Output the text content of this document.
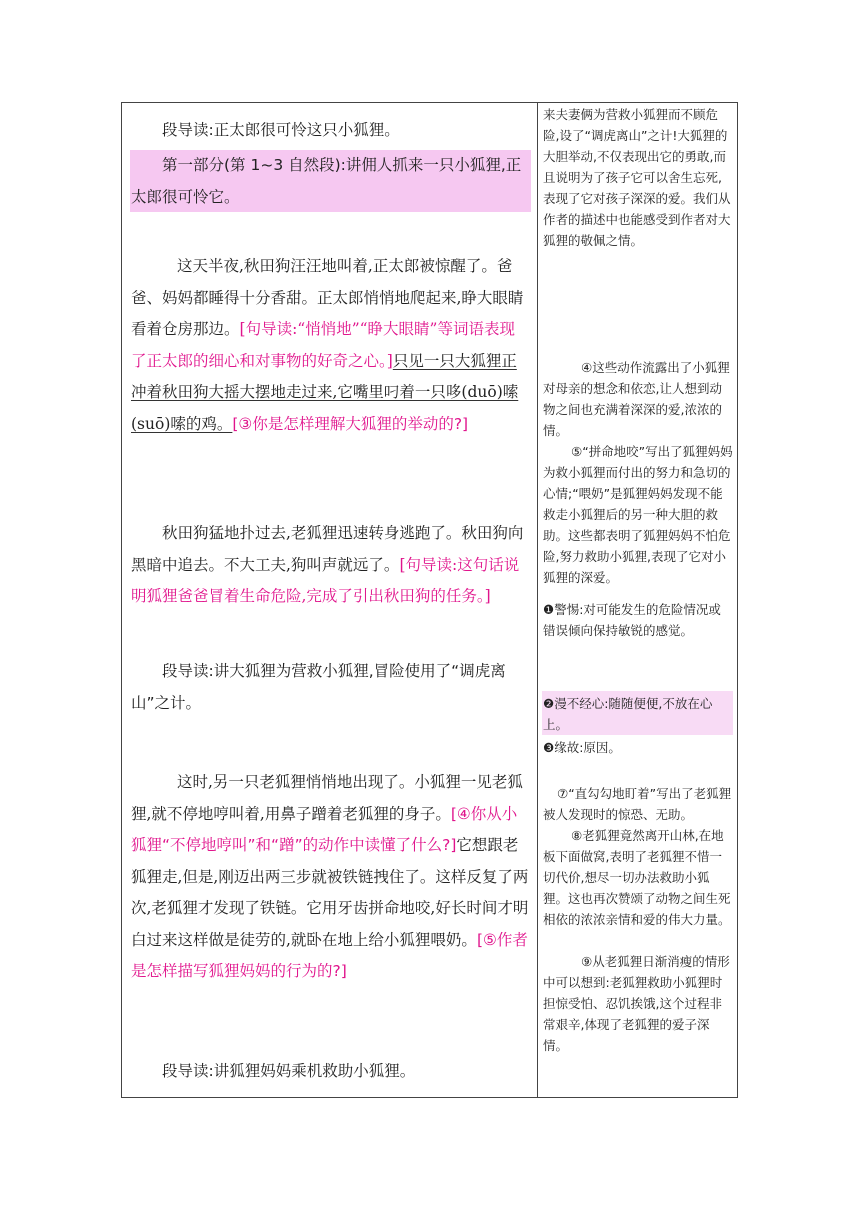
段导读:正太郎很可怜这只小狐狸。

第一部分(第 1~3 自然段):讲佣人抓来一只小狐狸,正太郎很可怜它。

这天半夜,秋田狗汪汪地叫着,正太郎被惊醒了。爸爸、妈妈都睡得十分香甜。正太郎悄悄地爬起来,睁大眼睛看着仓房那边。[句导读:“悄悄地”“睁大眼睛”等词语表现了正太郎的细心和对事物的好奇之心。]只见一只大狐狸正冲着秋田狗大摇大摆地走过来,它嘴里叼着一只哆(duō)嗦(suō)嗦的鸡。[③你是怎样理解大狐狸的举动的?]

秋田狗猛地扑过去,老狐狸迅速转身逃跑了。秋田狗向黑暗中追去。不大工夫,狗叫声就远了。[句导读:这句话说明狐狸爸爸冒着生命危险,完成了引出秋田狗的任务。]

段导读:讲大狐狸为营救小狐狸,冒险使用了“调虎离山”之计。

这时,另一只老狐狸悄悄地出现了。小狐狸一见老狐狸,就不停地哼叫着,用鼻子蹭着老狐狸的身子。[④你从小狐狸“不停地哼叫”和“蹭”的动作中读懂了什么?]它想跟老狐狸走,但是,刚迈出两三步就被铁链拽住了。这样反复了两次,老狐狸才发现了铁链。它用牙齿拼命地咬,好长时间才明白过来这样做是徒劳的,就卧在地上给小狐狸喂奶。[⑤作者是怎样描写狐狸妈妈的行为的?]

段导读:讲狐狸妈妈乘机救助小狐狸。

来夫妻俩为营救小狐狸而不顾危险,设了“调虎离山”之计!大狐狸的大胆举动,不仅表现出它的勇敢,而且说明为了孩子它可以舍生忘死,表现了它对孩子深深的爱。我们从作者的描述中也能感受到作者对大狐狸的敬佩之情。

④这些动作流露出了小狐狸对母亲的想念和依恋,让人想到动物之间也充满着深深的爱,浓浓的情。

⑤“拼命地咬”写出了狐狸妈妈为救小狐狸而付出的努力和急切的心情;“喂奶”是狐狸妈妈发现不能救走小狐狸后的另一种大胆的救助。这些都表明了狐狸妈妈不怕危险,努力救助小狐狸,表现了它对小狐狸的深爱。

❶警惕:对可能发生的危险情况或错误倾向保持敏锐的感觉。

❷漫不经心:随随便便,不放在心上。

❸缘故:原因。

⑦“直勾勾地盯着”写出了老狐狸被人发现时的惊恐、无助。

⑧老狐狸竟然离开山林,在地板下面做窝,表明了老狐狸不惜一切代价,想尽一切办法救助小狐狸。这也再次赞颂了动物之间生死相依的浓浓亲情和爱的伟大力量。

⑨从老狐狸日渐消瘦的情形中可以想到:老狐狸救助小狐狸时担惊受怕、忍饥挨饿,这个过程非常艰辛,体现了老狐狸的爱子深情。
